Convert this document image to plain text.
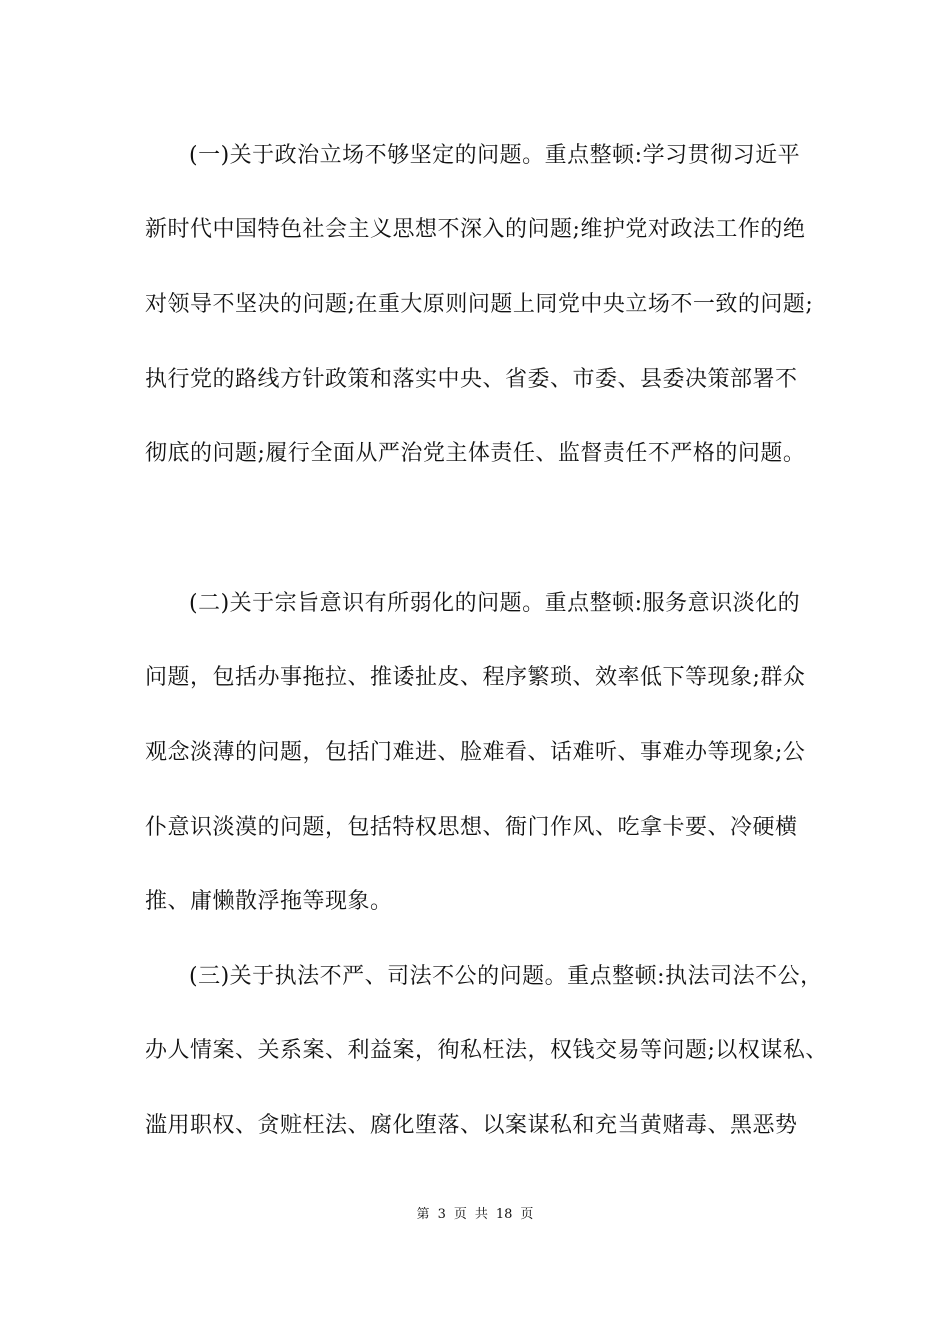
(一)关于政治立场不够坚定的问题。重点整顿:学习贯彻习近平
新时代中国特色社会主义思想不深入的问题;维护党对政法工作的绝
对领导不坚决的问题;在重大原则问题上同党中央立场不一致的问题;
执行党的路线方针政策和落实中央、省委、市委、县委决策部署不
彻底的问题;履行全面从严治党主体责任、监督责任不严格的问题。
(二)关于宗旨意识有所弱化的问题。重点整顿:服务意识淡化的
问题，包括办事拖拉、推诿扯皮、程序繁琐、效率低下等现象;群众
观念淡薄的问题，包括门难进、脸难看、话难听、事难办等现象;公
仆意识淡漠的问题，包括特权思想、衙门作风、吃拿卡要、冷硬横
推、庸懒散浮拖等现象。
(三)关于执法不严、司法不公的问题。重点整顿:执法司法不公，
办人情案、关系案、利益案，徇私枉法，权钱交易等问题;以权谋私、
滥用职权、贪赃枉法、腐化堕落、以案谋私和充当黄赌毒、黑恶势
第 3 页 共 18 页
